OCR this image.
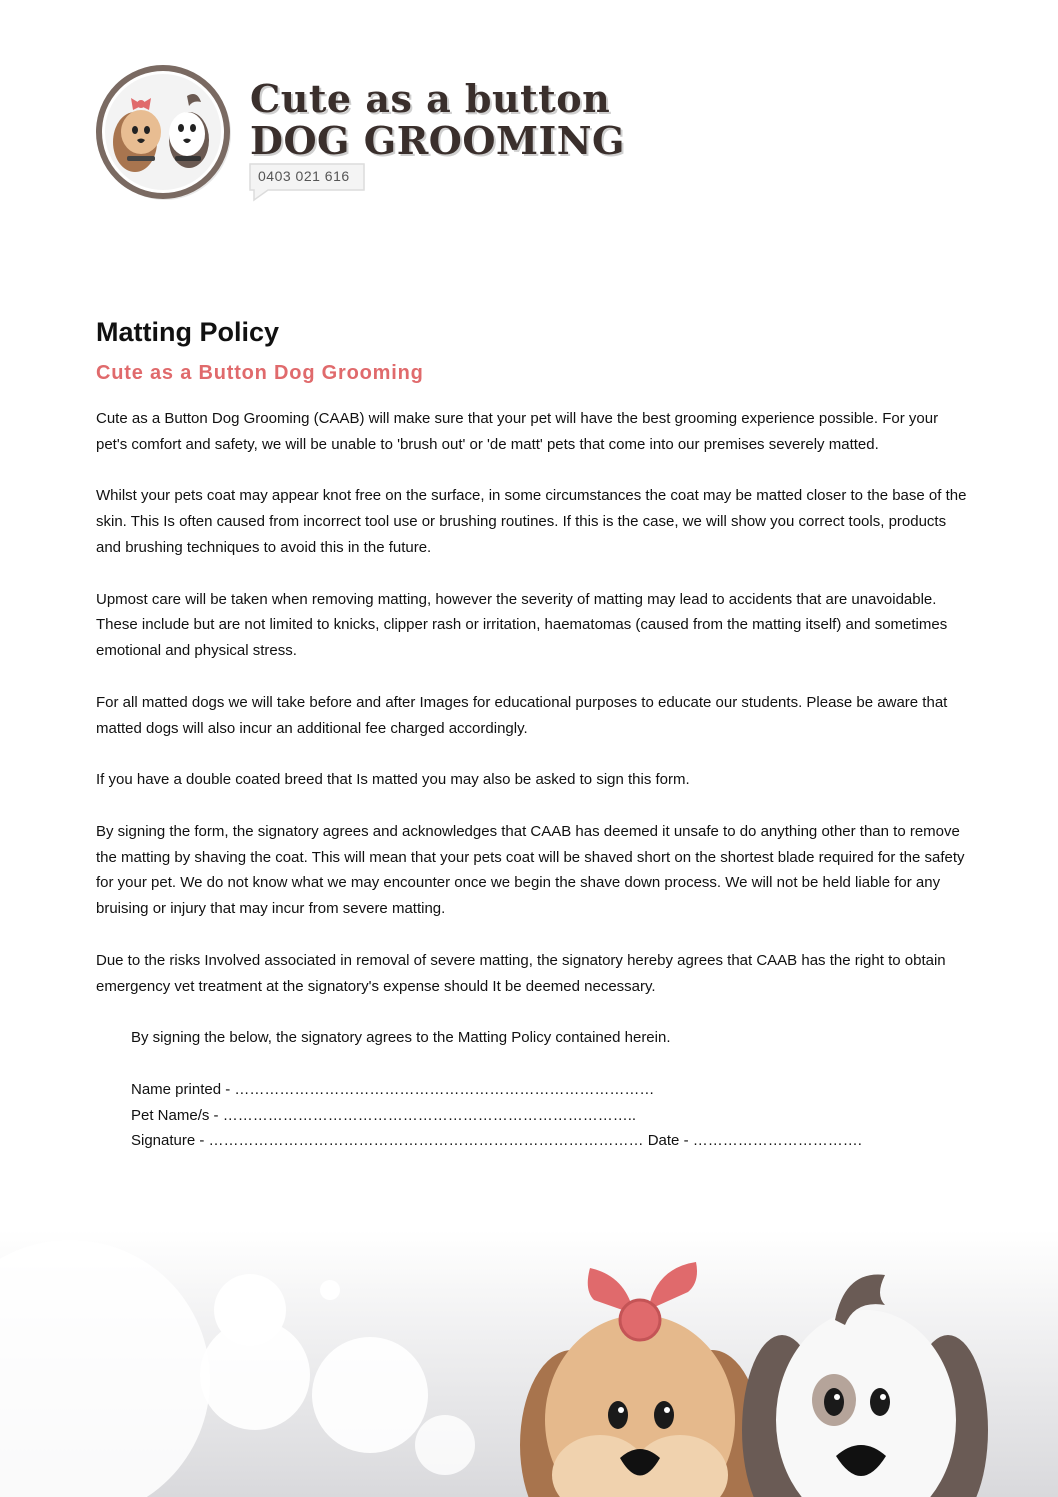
Cute as a button
DOG GROOMING
0403 021 616
Matting Policy
Cute as a Button Dog Grooming

Cute as a Button Dog Grooming (CAAB) will make sure that your pet will have the best grooming experience possible. For your pet's comfort and safety, we will be unable to 'brush out' or 'de matt' pets that come into our premises severely matted.

Whilst your pets coat may appear knot free on the surface, in some circumstances the coat may be matted closer to the base of the skin. This Is often caused from incorrect tool use or brushing routines. If this is the case, we will show you correct tools, products and brushing techniques to avoid this in the future.

Upmost care will be taken when removing matting, however the severity of matting may lead to accidents that are unavoidable. These include but are not limited to knicks, clipper rash or irritation, haematomas (caused from the matting itself) and sometimes emotional and physical stress.

For all matted dogs we will take before and after Images for educational purposes to educate our students. Please be aware that matted dogs will also incur an additional fee charged accordingly.

If you have a double coated breed that Is matted you may also be asked to sign this form.

By signing the form, the signatory agrees and acknowledges that CAAB has deemed it unsafe to do anything other than to remove the matting by shaving the coat. This will mean that your pets coat will be shaved short on the shortest blade required for the safety for your pet. We do not know what we may encounter once we begin the shave down process. We will not be held liable for any bruising or injury that may incur from severe matting.

Due to the risks Involved associated in removal of severe matting, the signatory hereby agrees that CAAB has the right to obtain emergency vet treatment at the signatory's expense should It be deemed necessary.

By signing the below, the signatory agrees to the Matting Policy contained herein.

Name printed - …………………………………………………………………………
Pet Name/s - ………………………………………………………………………..
Signature - …………………………………………………………………………… Date - …………………………….
